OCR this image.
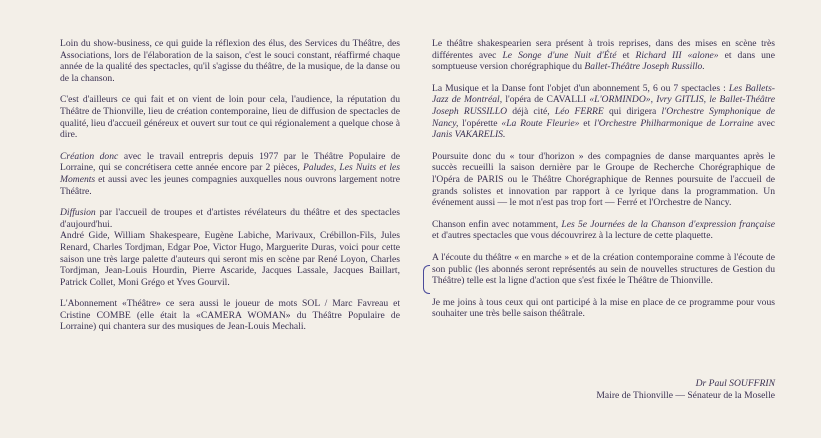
Loin du show-business, ce qui guide la réflexion des élus, des Services du Théâtre, des Associations, lors de l'élaboration de la saison, c'est le souci constant, réaffirmé chaque année de la qualité des spectacles, qu'il s'agisse du théâtre, de la musique, de la danse ou de la chanson.

C'est d'ailleurs ce qui fait et on vient de loin pour cela, l'audience, la réputation du Théâtre de Thionville, lieu de création contemporaine, lieu de diffusion de spectacles de qualité, lieu d'accueil généreux et ouvert sur tout ce qui régionalement a quelque chose à dire.

Création donc avec le travail entrepris depuis 1977 par le Théâtre Populaire de Lorraine, qui se concrétisera cette année encore par 2 pièces, Paludes, Les Nuits et les Moments et aussi avec les jeunes compagnies auxquelles nous ouvrons largement notre Théâtre.

Diffusion par l'accueil de troupes et d'artistes révélateurs du théâtre et des spectacles d'aujourd'hui.
André Gide, William Shakespeare, Eugène Labiche, Marivaux, Crébillon-Fils, Jules Renard, Charles Tordjman, Edgar Poe, Victor Hugo, Marguerite Duras, voici pour cette saison une très large palette d'auteurs qui seront mis en scène par René Loyon, Charles Tordjman, Jean-Louis Hourdin, Pierre Ascaride, Jacques Lassale, Jacques Baillart, Patrick Collet, Moni Grégo et Yves Gourvil.

L'Abonnement «Théâtre» ce sera aussi le joueur de mots SOL / Marc Favreau et Cristine COMBE (elle était la «CAMERA WOMAN» du Théâtre Populaire de Lorraine) qui chantera sur des musiques de Jean-Louis Mechali.

Le théâtre shakespearien sera présent à trois reprises, dans des mises en scène très différentes avec Le Songe d'une Nuit d'Été et Richard III «alone» et dans une somptueuse version chorégraphique du Ballet-Théâtre Joseph Russillo.

La Musique et la Danse font l'objet d'un abonnement 5, 6 ou 7 spectacles : Les Ballets-Jazz de Montréal, l'opéra de CAVALLI «L'ORMINDO», Ivry GITLIS, le Ballet-Théâtre Joseph RUSSILLO déjà cité, Léo FERRE qui dirigera l'Orchestre Symphonique de Nancy, l'opérette «La Route Fleurie» et l'Orchestre Philharmonique de Lorraine avec Janis VAKARELIS.

Poursuite donc du « tour d'horizon » des compagnies de danse marquantes après le succès recueilli la saison dernière par le Groupe de Recherche Chorégraphique de l'Opéra de PARIS ou le Théâtre Chorégraphique de Rennes poursuite de l'accueil de grands solistes et innovation par rapport à ce lyrique dans la programmation. Un événement aussi — le mot n'est pas trop fort — Ferré et l'Orchestre de Nancy.

Chanson enfin avec notamment, Les 5e Journées de la Chanson d'expression française et d'autres spectacles que vous découvrirez à la lecture de cette plaquette.

A l'écoute du théâtre « en marche » et de la création contemporaine comme à l'écoute de son public (les abonnés seront représentés au sein de nouvelles structures de Gestion du Théâtre) telle est la ligne d'action que s'est fixée le Théâtre de Thionville.

Je me joins à tous ceux qui ont participé à la mise en place de ce programme pour vous souhaiter une très belle saison théâtrale.

Dr Paul SOUFFRIN
Maire de Thionville — Sénateur de la Moselle
